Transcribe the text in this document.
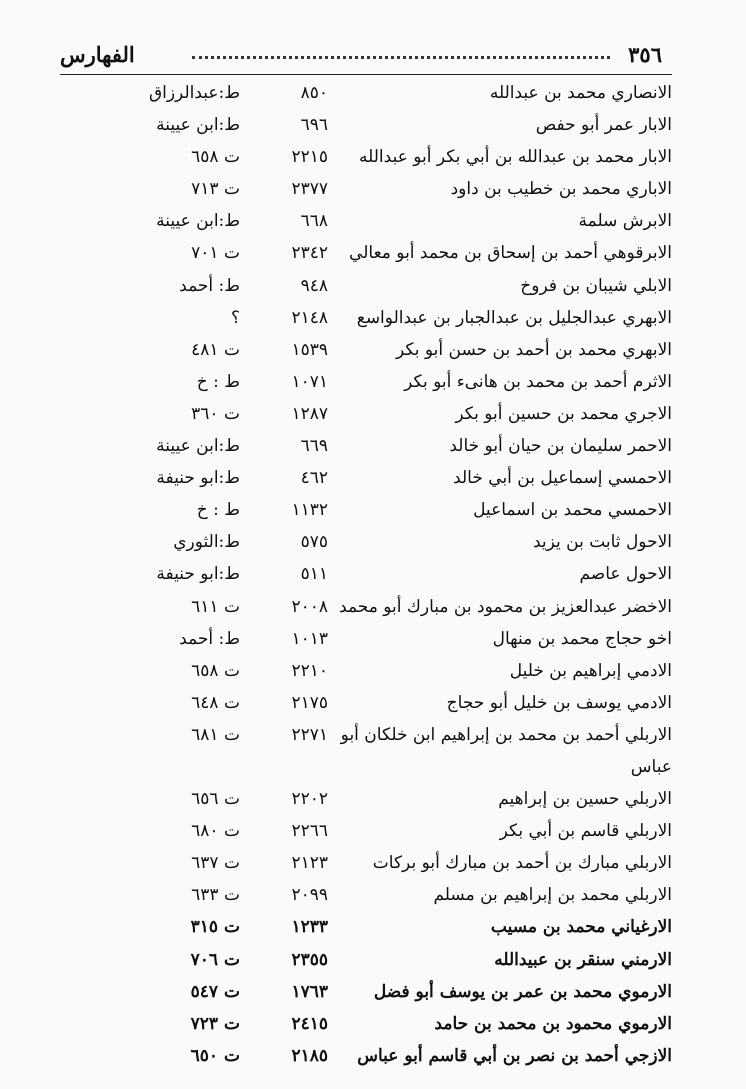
٣٥٦
الفهارس
الانصاري محمد بن عبدالله
٨٥٠
ط:عبدالرزاق
الابار عمر أبو حفص
٦٩٦
ط:ابن عيينة
الابار محمد بن عبدالله بن أبي بكر أبو عبدالله
٢٢١٥
ت ٦٥٨
الاباري محمد بن خطيب بن داود
٢٣٧٧
ت ٧١٣
الابرش سلمة
٦٦٨
ط:ابن عيينة
الابرقوهي أحمد بن إسحاق بن محمد أبو معالي
٢٣٤٢
ت ٧٠١
الابلي شيبان بن فروخ
٩٤٨
ط: أحمد
الابهري عبدالجليل بن عبدالجبار بن عبدالواسع
٢١٤٨
؟
الابهري محمد بن أحمد بن حسن أبو بكر
١٥٣٩
ت ٤٨١
الاثرم أحمد بن محمد بن هانىء أبو بكر
١٠٧١
ط : خ
الاجري محمد بن حسين أبو بكر
١٢٨٧
ت ٣٦٠
الاحمر سليمان بن حيان أبو خالد
٦٦٩
ط:ابن عيينة
الاحمسي إسماعيل بن أبي خالد
٤٦٢
ط:ابو حنيفة
الاحمسي محمد بن اسماعيل
١١٣٢
ط : خ
الاحول ثابت بن يزيد
٥٧٥
ط:الثوري
الاحول عاصم
٥١١
ط:ابو حنيفة
الاخضر عبدالعزيز بن محمود بن مبارك أبو محمد
٢٠٠٨
ت ٦١١
اخو حجاج محمد بن منهال
١٠١٣
ط: أحمد
الادمي إبراهيم بن خليل
٢٢١٠
ت ٦٥٨
الادمي يوسف بن خليل أبو حجاج
٢١٧٥
ت ٦٤٨
الاربلي أحمد بن محمد بن إبراهيم ابن خلكان أبو
٢٢٧١
ت ٦٨١
عباس
الاربلي حسين بن إبراهيم
٢٢٠٢
ت ٦٥٦
الاربلي قاسم بن أبي بكر
٢٢٦٦
ت ٦٨٠
الاربلي مبارك بن أحمد بن مبارك أبو بركات
٢١٢٣
ت ٦٣٧
الاربلي محمد بن إبراهيم بن مسلم
٢٠٩٩
ت ٦٣٣
الارغياني محمد بن مسيب
١٢٣٣
ت ٣١٥
الارمني سنقر بن عبيدالله
٢٣٥٥
ت ٧٠٦
الارموي محمد بن عمر بن يوسف أبو فضل
١٧٦٣
ت ٥٤٧
الارموي محمود بن محمد بن حامد
٢٤١٥
ت ٧٢٣
الازجي أحمد بن نصر بن أبي قاسم أبو عباس
٢١٨٥
ت ٦٥٠
